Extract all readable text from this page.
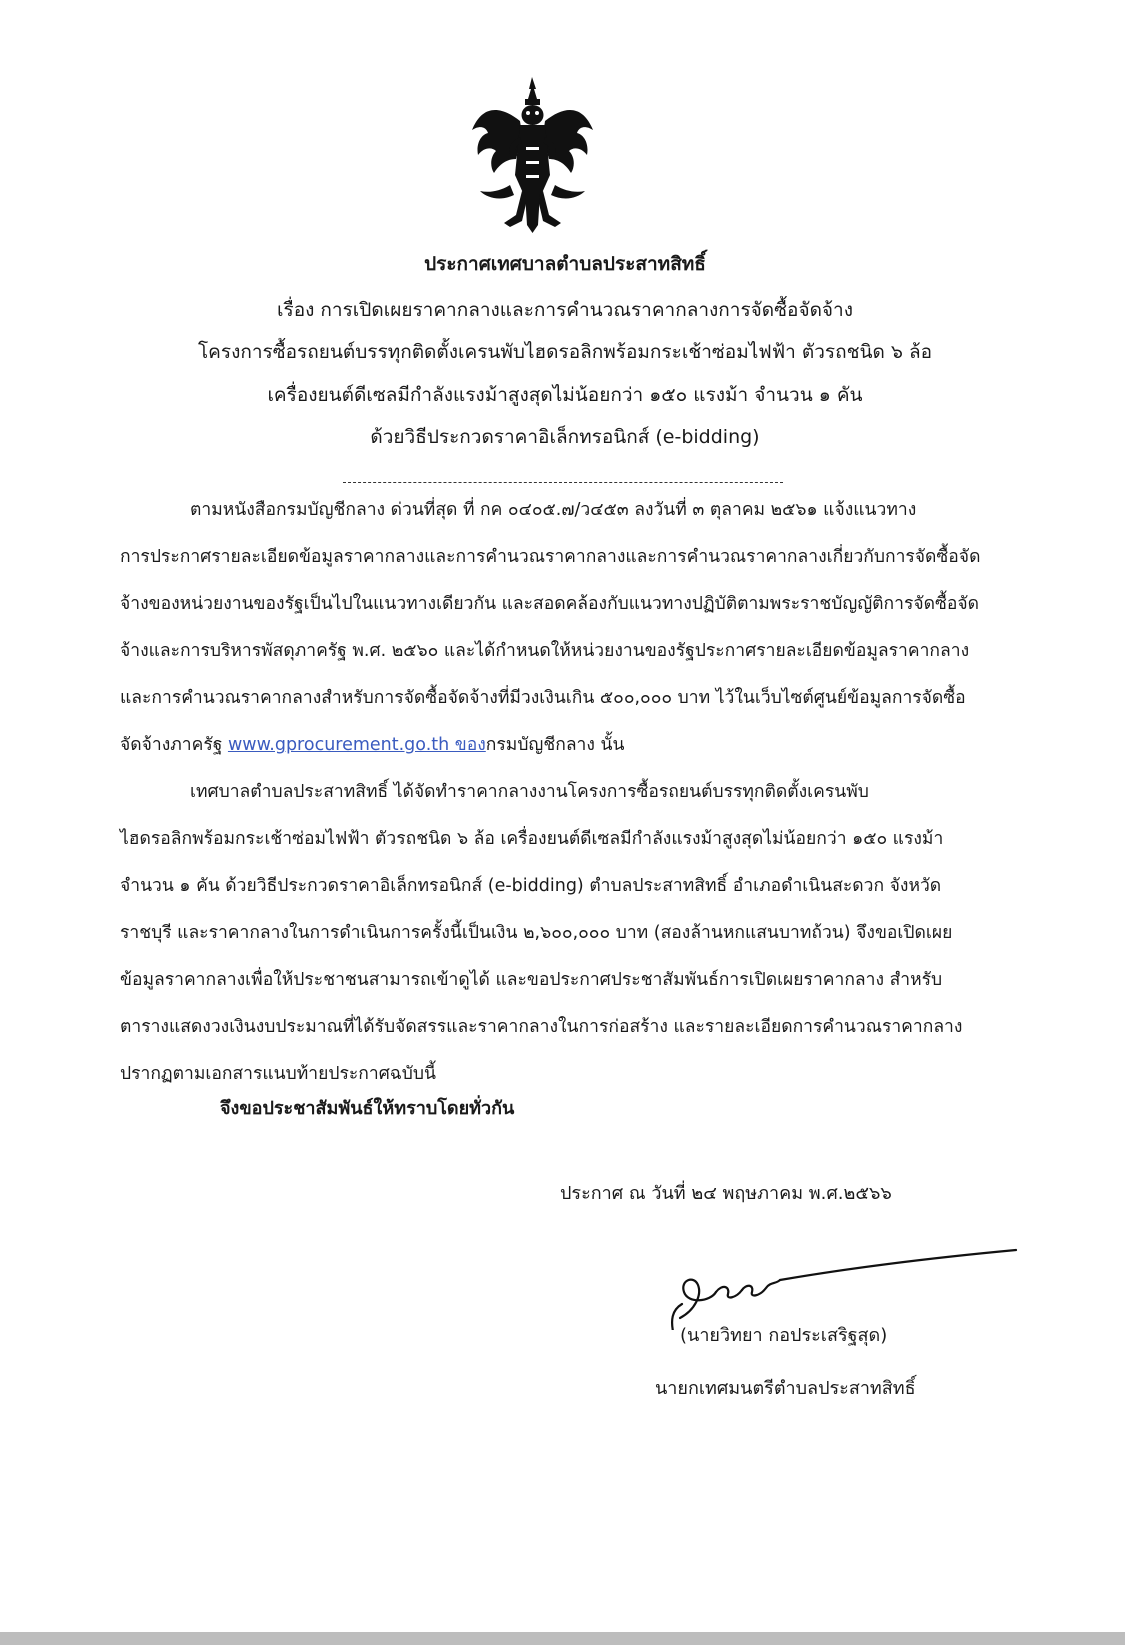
ประกาศเทศบาลตำบลประสาทสิทธิ์
เรื่อง การเปิดเผยราคากลางและการคำนวณราคากลางการจัดซื้อจัดจ้าง
โครงการซื้อรถยนต์บรรทุกติดตั้งเครนพับไฮดรอลิกพร้อมกระเช้าซ่อมไฟฟ้า ตัวรถชนิด ๖ ล้อ
เครื่องยนต์ดีเซลมีกำลังแรงม้าสูงสุดไม่น้อยกว่า ๑๕๐ แรงม้า จำนวน ๑ คัน
ด้วยวิธีประกวดราคาอิเล็กทรอนิกส์ (e-bidding)
ตามหนังสือกรมบัญชีกลาง ด่วนที่สุด ที่ กค ๐๔๐๕.๗/ว๔๕๓ ลงวันที่ ๓ ตุลาคม ๒๕๖๑ แจ้งแนวทาง
การประกาศรายละเอียดข้อมูลราคากลางและการคำนวณราคากลางและการคำนวณราคากลางเกี่ยวกับการจัดซื้อจัด
จ้างของหน่วยงานของรัฐเป็นไปในแนวทางเดียวกัน และสอดคล้องกับแนวทางปฏิบัติตามพระราชบัญญัติการจัดซื้อจัด
จ้างและการบริหารพัสดุภาครัฐ พ.ศ. ๒๕๖๐ และได้กำหนดให้หน่วยงานของรัฐประกาศรายละเอียดข้อมูลราคากลาง
และการคำนวณราคากลางสำหรับการจัดซื้อจัดจ้างที่มีวงเงินเกิน ๕๐๐,๐๐๐ บาท ไว้ในเว็บไซต์ศูนย์ข้อมูลการจัดซื้อ
จัดจ้างภาครัฐ www.gprocurement.go.th ของกรมบัญชีกลาง นั้น
เทศบาลตำบลประสาทสิทธิ์ ได้จัดทำราคากลางงานโครงการซื้อรถยนต์บรรทุกติดตั้งเครนพับ
ไฮดรอลิกพร้อมกระเช้าซ่อมไฟฟ้า ตัวรถชนิด ๖ ล้อ เครื่องยนต์ดีเซลมีกำลังแรงม้าสูงสุดไม่น้อยกว่า ๑๕๐ แรงม้า
จำนวน ๑ คัน ด้วยวิธีประกวดราคาอิเล็กทรอนิกส์ (e-bidding) ตำบลประสาทสิทธิ์ อำเภอดำเนินสะดวก จังหวัด
ราชบุรี และราคากลางในการดำเนินการครั้งนี้เป็นเงิน ๒,๖๐๐,๐๐๐ บาท (สองล้านหกแสนบาทถ้วน) จึงขอเปิดเผย
ข้อมูลราคากลางเพื่อให้ประชาชนสามารถเข้าดูได้ และขอประกาศประชาสัมพันธ์การเปิดเผยราคากลาง สำหรับ
ตารางแสดงวงเงินงบประมาณที่ได้รับจัดสรรและราคากลางในการก่อสร้าง และรายละเอียดการคำนวณราคากลาง
ปรากฏตามเอกสารแนบท้ายประกาศฉบับนี้
จึงขอประชาสัมพันธ์ให้ทราบโดยทั่วกัน
ประกาศ ณ วันที่ ๒๔ พฤษภาคม พ.ศ.๒๕๖๖
(นายวิทยา กอประเสริฐสุด)
นายกเทศมนตรีตำบลประสาทสิทธิ์
